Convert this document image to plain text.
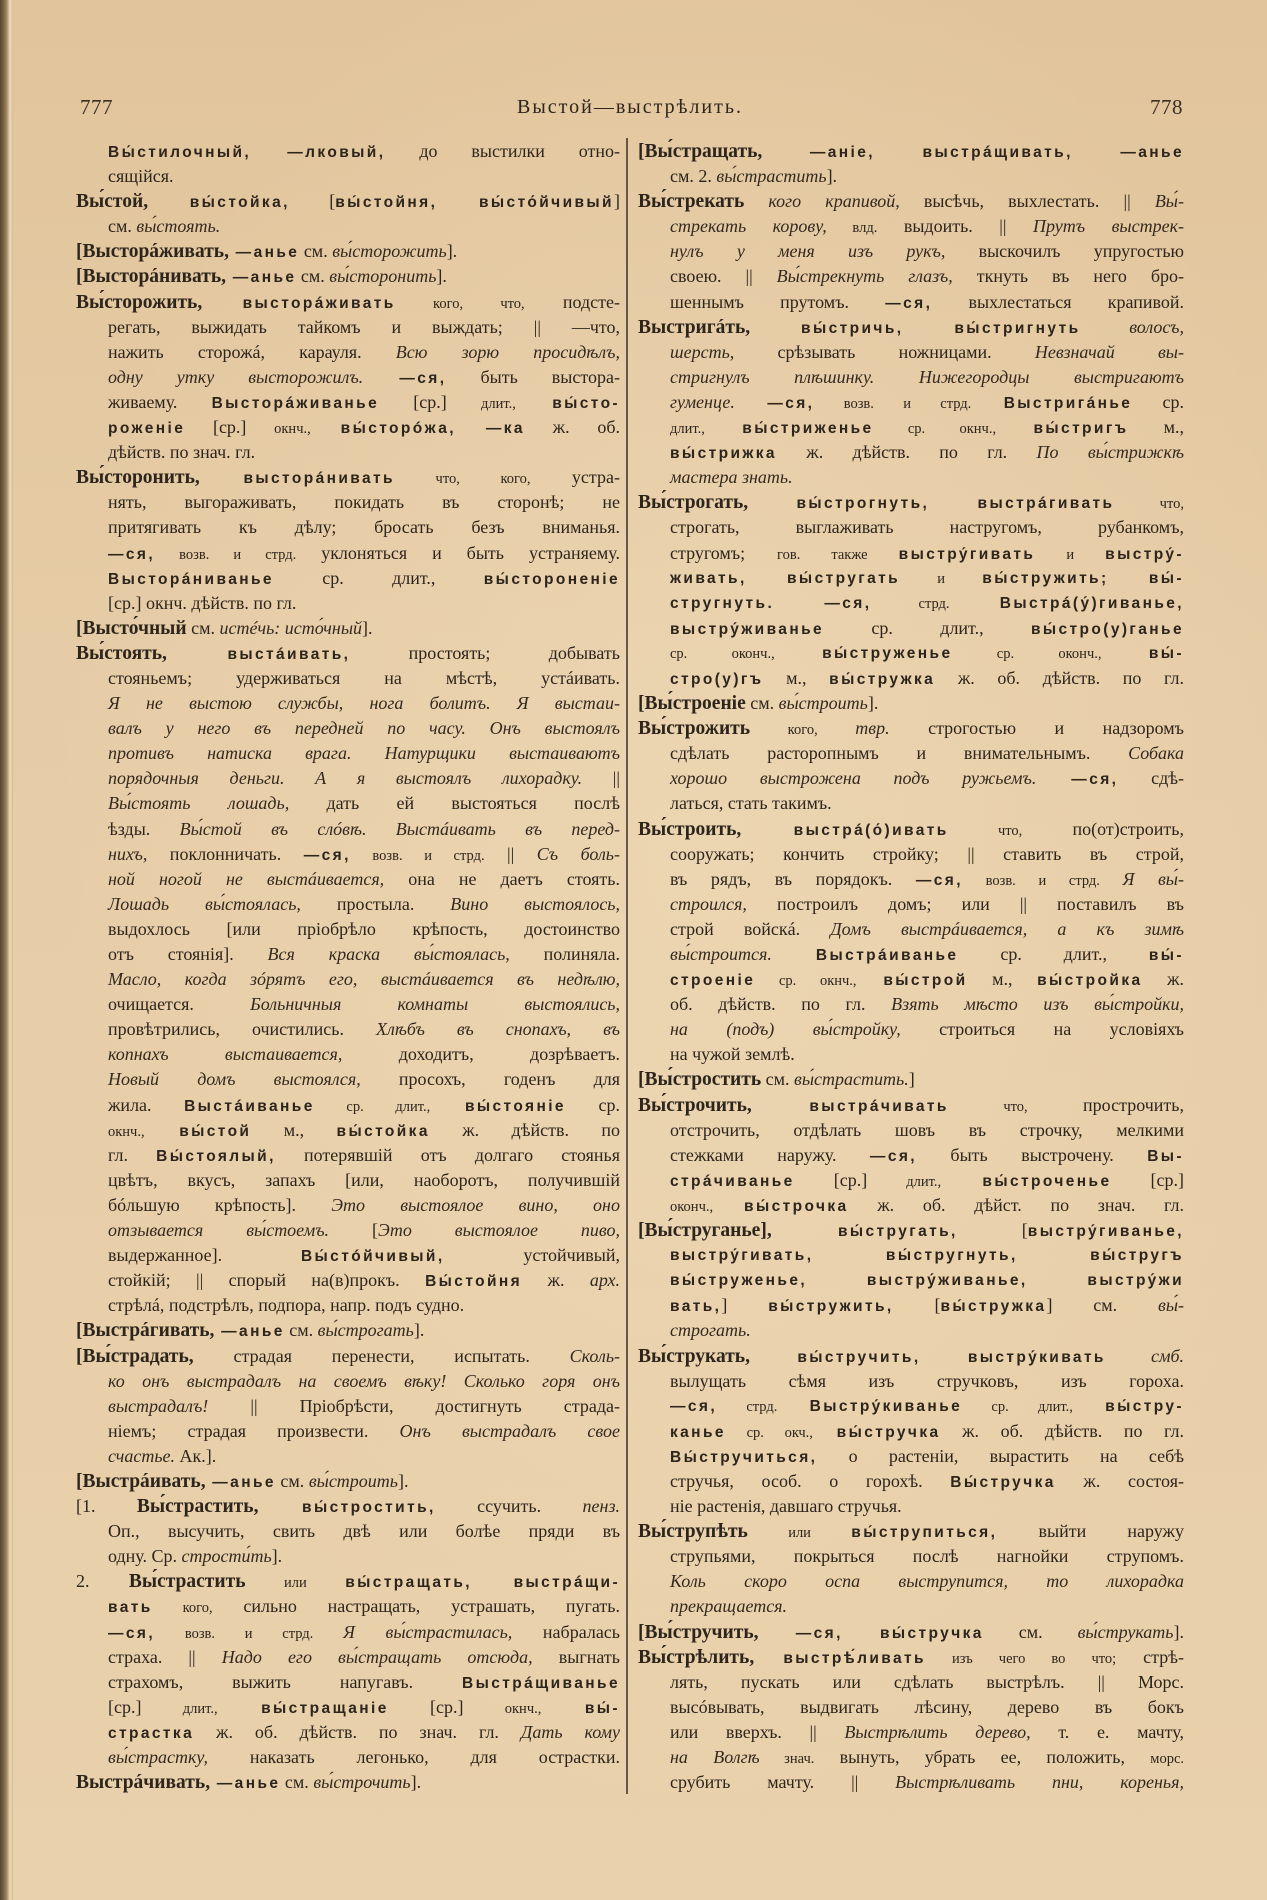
777	Выстой—выстрѣлить.	778
Вы́стилочный, —лковый, до выстилки отно-
сящійся.
Вы́стой, вы́стойка, [вы́стойня, вы́сто́йчивый]
см. вы́стоять.
[Высторáживать, —анье см. вы́сторожить].
[Высторáнивать, —анье см. вы́сторонить].
Вы́сторожить, высторáживать кого, что, подсте-
регать, выжидать тайкомъ и выждать; || —что,
нажить сторожá, карауля. Всю зорю просидѣлъ,
одну утку высторожилъ. —ся, быть выстора-
живаему. Высторáживанье [ср.] длит., вы́сто-
роженіе [ср.] окнч., вы́сторóжа, —ка ж. об.
дѣйств. по знач. гл.
Вы́сторонить, высторáнивать что, кого, устра-
нять, выгораживать, покидать въ сторонѣ; не
притягивать къ дѣлу; бросать безъ вниманья.
—ся, возв. и стрд. уклоняться и быть устраняему.
Высторáниванье ср. длит., вы́стороненіе
[ср.] окнч. дѣйств. по гл.
[Высто́чный см. истéчь: исто́чный].
Вы́стоять, выстáивать, простоять; добывать
стояньемъ; удерживаться на мѣстѣ, устáивать.
Я не выстою службы, нога болитъ. Я выстаи-
валъ у него въ передней по часу. Онъ выстоялъ
противъ натиска врага. Натурщики выстаиваютъ
порядочныя деньги. А я выстоялъ лихорадку. ||
Вы́стоять лошадь, дать ей выстояться послѣ
ѣзды. Вы́стой въ слóвѣ. Выстáивать въ перед-
нихъ, поклонничать. —ся, возв. и стрд. || Съ боль-
ной ногой не выстáивается, она не даетъ стоять.
Лошадь вы́стоялась, простыла. Вино выстоялось,
выдохлось [или пріобрѣло крѣпость, достоинство
отъ стоянія]. Вся краска вы́стоялась, полиняла.
Масло, когда зóрятъ его, выстáивается въ недѣлю,
очищается. Больничныя комнаты выстоялись,
провѣтрились, очистились. Хлѣбъ въ снопахъ, въ
копнахъ выстаивается, доходитъ, дозрѣваетъ.
Новый домъ выстоялся, просохъ, годенъ для
жила. Выстáиванье ср. длит., вы́стояніе ср.
окнч., вы́стой м., вы́стойка ж. дѣйств. по
гл. Вы́стоялый, потерявшій отъ долгаго стоянья
цвѣтъ, вкусъ, запахъ [или, наоборотъ, получившій
бóльшую крѣпость]. Это выстоялое вино, оно
отзывается вы́стоемъ. [Это выстоялое пиво,
выдержанное]. Вы́стóйчивый, устойчивый,
стойкій; || спорый на(в)прокъ. Вы́стойня ж. арх.
стрѣлá, подстрѣлъ, подпора, напр. подъ судно.
[Выстрáгивать, —анье см. вы́строгать].
[Вы́страдать, страдая перенести, испытать. Сколь-
ко онъ выстрадалъ на своемъ вѣку! Сколько горя онъ
выстрадалъ! || Пріобрѣсти, достигнуть страда-
ніемъ; страдая произвести. Онъ выстрадалъ свое
счастье. Ак.].
[Выстрáивать, —анье см. вы́строить].
[1. Вы́страстить, вы́стростить, ссучить. пенз.
Оп., высучить, свить двѣ или болѣе пряди въ
одну. Ср. стрости́ть].
2. Вы́страстить или вы́стращать, выстрáщи-
вать кого, сильно настращать, устрашать, пугать.
—ся, возв. и стрд. Я вы́страстилась, набралась
страха. || Надо его вы́стращать отсюда, выгнать
страхомъ, выжить напугавъ. Выстрáщиванье
[ср.] длит., вы́стращаніе [ср.] окнч., вы́-
страстка ж. об. дѣйств. по знач. гл. Дать кому
вы́страстку, наказать легонько, для острастки.
Выстрáчивать, —анье см. вы́строчить].
[Вы́стращать, —аніе, выстрáщивать, —анье
см. 2. вы́страстить].
Вы́стрекать кого крапивой, высѣчь, выхлестать. || Вы́-
стрекать корову, влд. выдоить. || Прутъ выстрек-
нулъ у меня изъ рукъ, выскочилъ упругостью
своею. || Вы́стрекнуть глазъ, ткнуть въ него бро-
шеннымъ прутомъ. —ся, выхлестаться крапивой.
Выстригáть, вы́стричь, вы́стригнуть волосъ,
шерсть, срѣзывать ножницами. Невзначай вы-
стригнулъ плѣшинку. Нижегородцы выстригаютъ
гуменце. —ся, возв. и стрд. Выстригáнье ср.
длит., вы́стриженье ср. окнч., вы́стригъ м.,
вы́стрижка ж. дѣйств. по гл. По вы́стрижкѣ
мастера знать.
Вы́строгать, вы́строгнуть, выстрáгивать что,
строгать, выглаживать настругомъ, рубанкомъ,
стругомъ; гов. также выстру́гивать и выстру́-
живать, вы́стругать и вы́стружить; вы́-
стругнуть. —ся, стрд. Выстрá(у́)гиванье,
выстру́живанье ср. длит., вы́стро(у)ганье
ср. оконч., вы́струженье ср. оконч., вы́-
стро(у)гъ м., вы́стружка ж. об. дѣйств. по гл.
[Вы́строеніе см. вы́строить].
Вы́строжить кого, твр. строгостью и надзоромъ
сдѣлать расторопнымъ и внимательнымъ. Собака
хорошо выстрожена подъ ружьемъ. —ся, сдѣ-
латься, стать такимъ.
Вы́строить, выстрá(о́)ивать что, по(от)строить,
сооружать; кончить стройку; || ставить въ строй,
въ рядъ, въ порядокъ. —ся, возв. и стрд. Я вы́-
строился, построилъ домъ; или || поставилъ въ
строй войскá. Домъ выстрáивается, а къ зимѣ
вы́строится. Выстрáиванье ср. длит., вы́-
строеніе ср. окнч., вы́строй м., вы́стройка ж.
об. дѣйств. по гл. Взять мѣсто изъ вы́стройки,
на (подъ) вы́стройку, строиться на условіяхъ
на чужой землѣ.
[Вы́стростить см. вы́страстить.]
Вы́строчить, выстрáчивать что, прострочить,
отстрочить, отдѣлать шовъ въ строчку, мелкими
стежками наружу. —ся, быть выстрочену. Вы-
стрáчиванье [ср.] длит., вы́строченье [ср.]
оконч., вы́строчка ж. об. дѣйст. по знач. гл.
[Вы́струганье], вы́стругать, [выстру́гиванье,
выстру́гивать, вы́стругнуть, вы́стругъ
вы́струженье, выстру́живанье, выстру́жи
вать,] вы́стружить, [вы́стружка] см. вы́-
строгать.
Вы́струкать, вы́стручить, выстру́кивать смб.
вылущать сѣмя изъ стручковъ, изъ гороха.
—ся, стрд. Выстру́киванье ср. длит., вы́стру-
канье ср. окч., вы́стручка ж. об. дѣйств. по гл.
Вы́стручиться, о растеніи, вырастить на себѣ
стручья, особ. о горохѣ. Вы́стручка ж. состоя-
ніе растенія, давшаго стручья.
Вы́струпѣть или вы́струпиться, выйти наружу
струпьями, покрыться послѣ нагнойки струпомъ.
Коль скоро оспа выструпится, то лихорадка
прекращается.
[Вы́стручить, —ся, вы́стручка см. вы́струкать].
Вы́стрѣлить, выстрѣ́ливать изъ чего во что; стрѣ-
лять, пускать или сдѣлать выстрѣлъ. || Морс.
высóвывать, выдвигать лѣсину, дерево въ бокъ
или вверхъ. || Выстрѣлить дерево, т. е. мачту,
на Волгѣ знач. вынуть, убрать ее, положить, морс.
срубить мачту. || Выстрѣливать пни, коренья,
